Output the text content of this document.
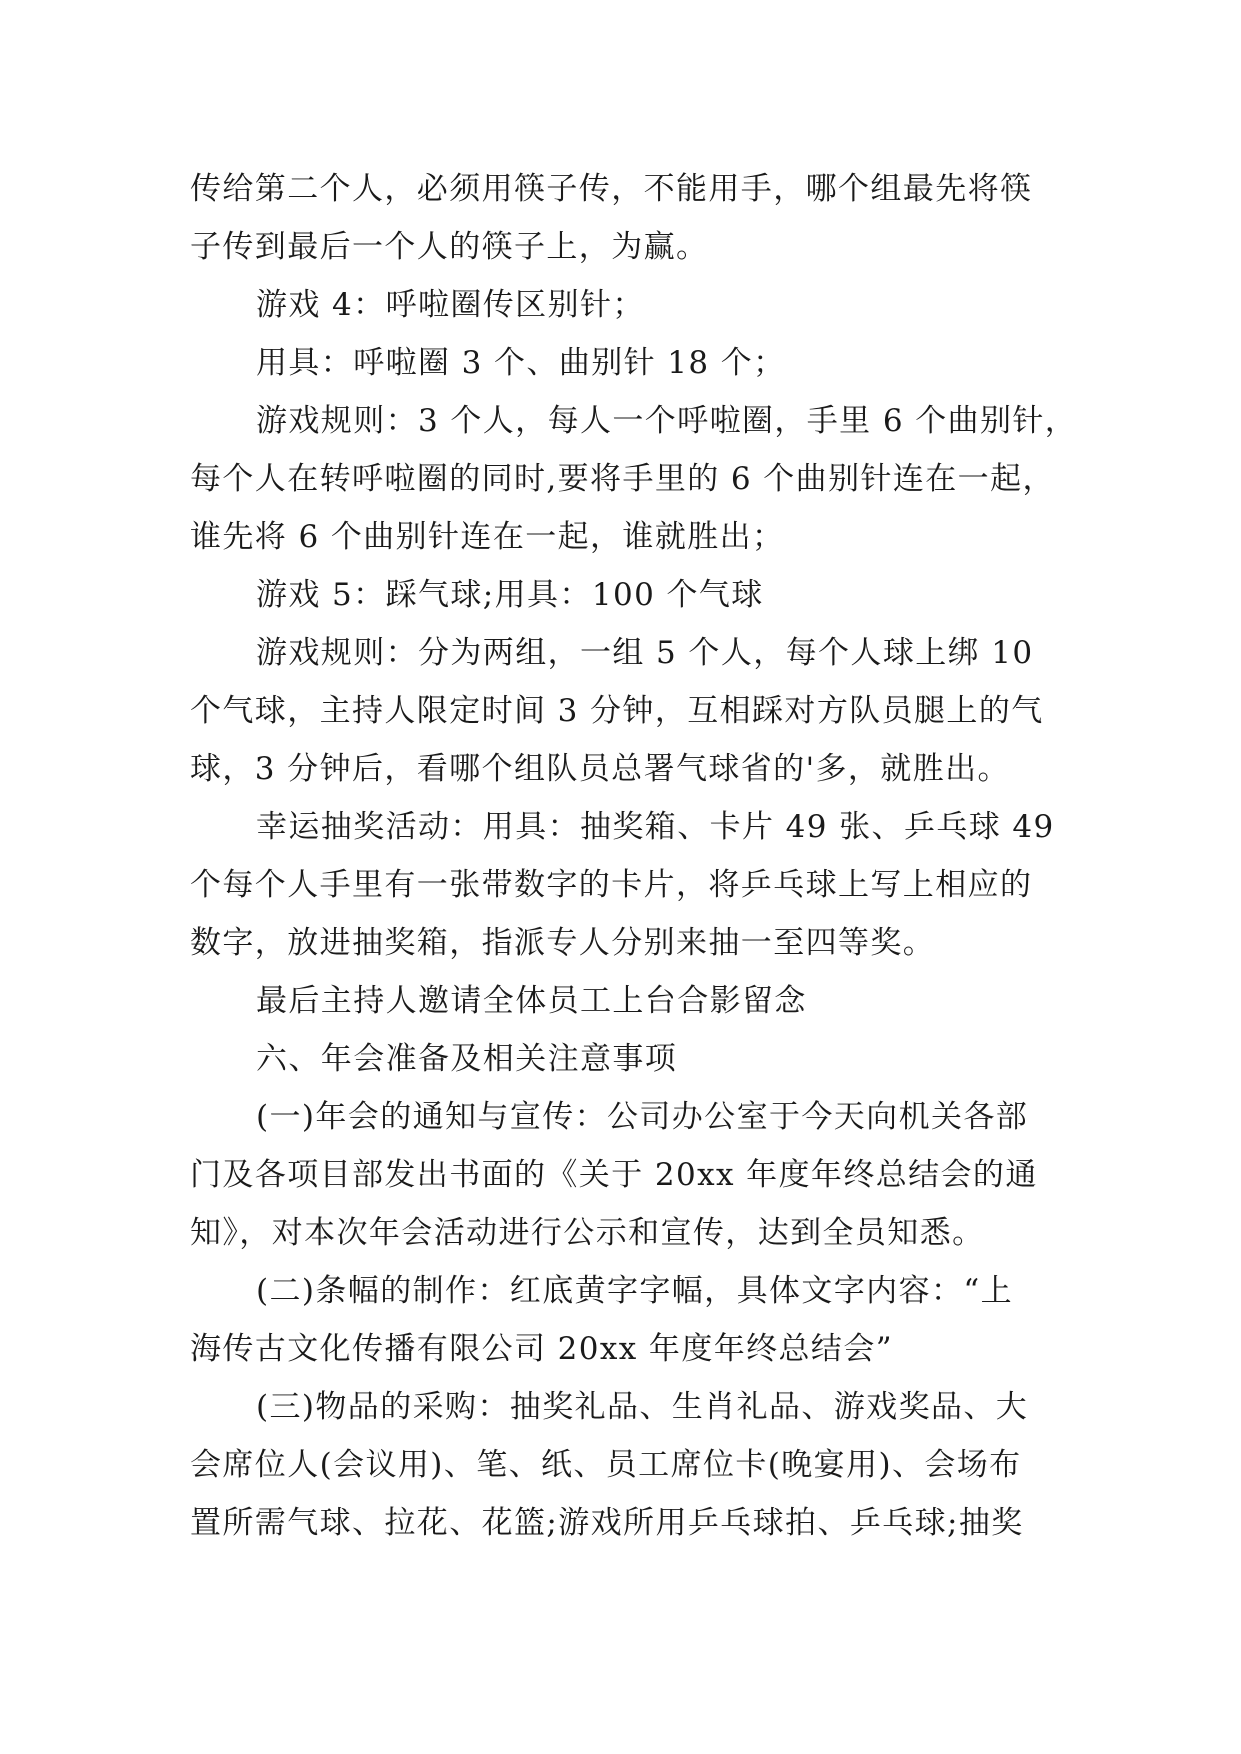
传给第二个人，必须用筷子传，不能用手，哪个组最先将筷
子传到最后一个人的筷子上，为赢。
游戏 4：呼啦圈传区别针；
用具：呼啦圈 3 个、曲别针 18 个；
游戏规则：3 个人，每人一个呼啦圈，手里 6 个曲别针，
每个人在转呼啦圈的同时,要将手里的 6 个曲别针连在一起，
谁先将 6 个曲别针连在一起，谁就胜出；
游戏 5：踩气球;用具：100 个气球
游戏规则：分为两组，一组 5 个人，每个人球上绑 10
个气球，主持人限定时间 3 分钟，互相踩对方队员腿上的气
球，3 分钟后，看哪个组队员总署气球省的'多，就胜出。
幸运抽奖活动：用具：抽奖箱、卡片 49 张、乒乓球 49
个每个人手里有一张带数字的卡片，将乒乓球上写上相应的
数字，放进抽奖箱，指派专人分别来抽一至四等奖。
最后主持人邀请全体员工上台合影留念
六、年会准备及相关注意事项
(一)年会的通知与宣传：公司办公室于今天向机关各部
门及各项目部发出书面的《关于 20xx 年度年终总结会的通
知》，对本次年会活动进行公示和宣传，达到全员知悉。
(二)条幅的制作：红底黄字字幅，具体文字内容：“上
海传古文化传播有限公司 20xx 年度年终总结会”
(三)物品的采购：抽奖礼品、生肖礼品、游戏奖品、大
会席位人(会议用)、笔、纸、员工席位卡(晚宴用)、会场布
置所需气球、拉花、花篮;游戏所用乒乓球拍、乒乓球;抽奖
